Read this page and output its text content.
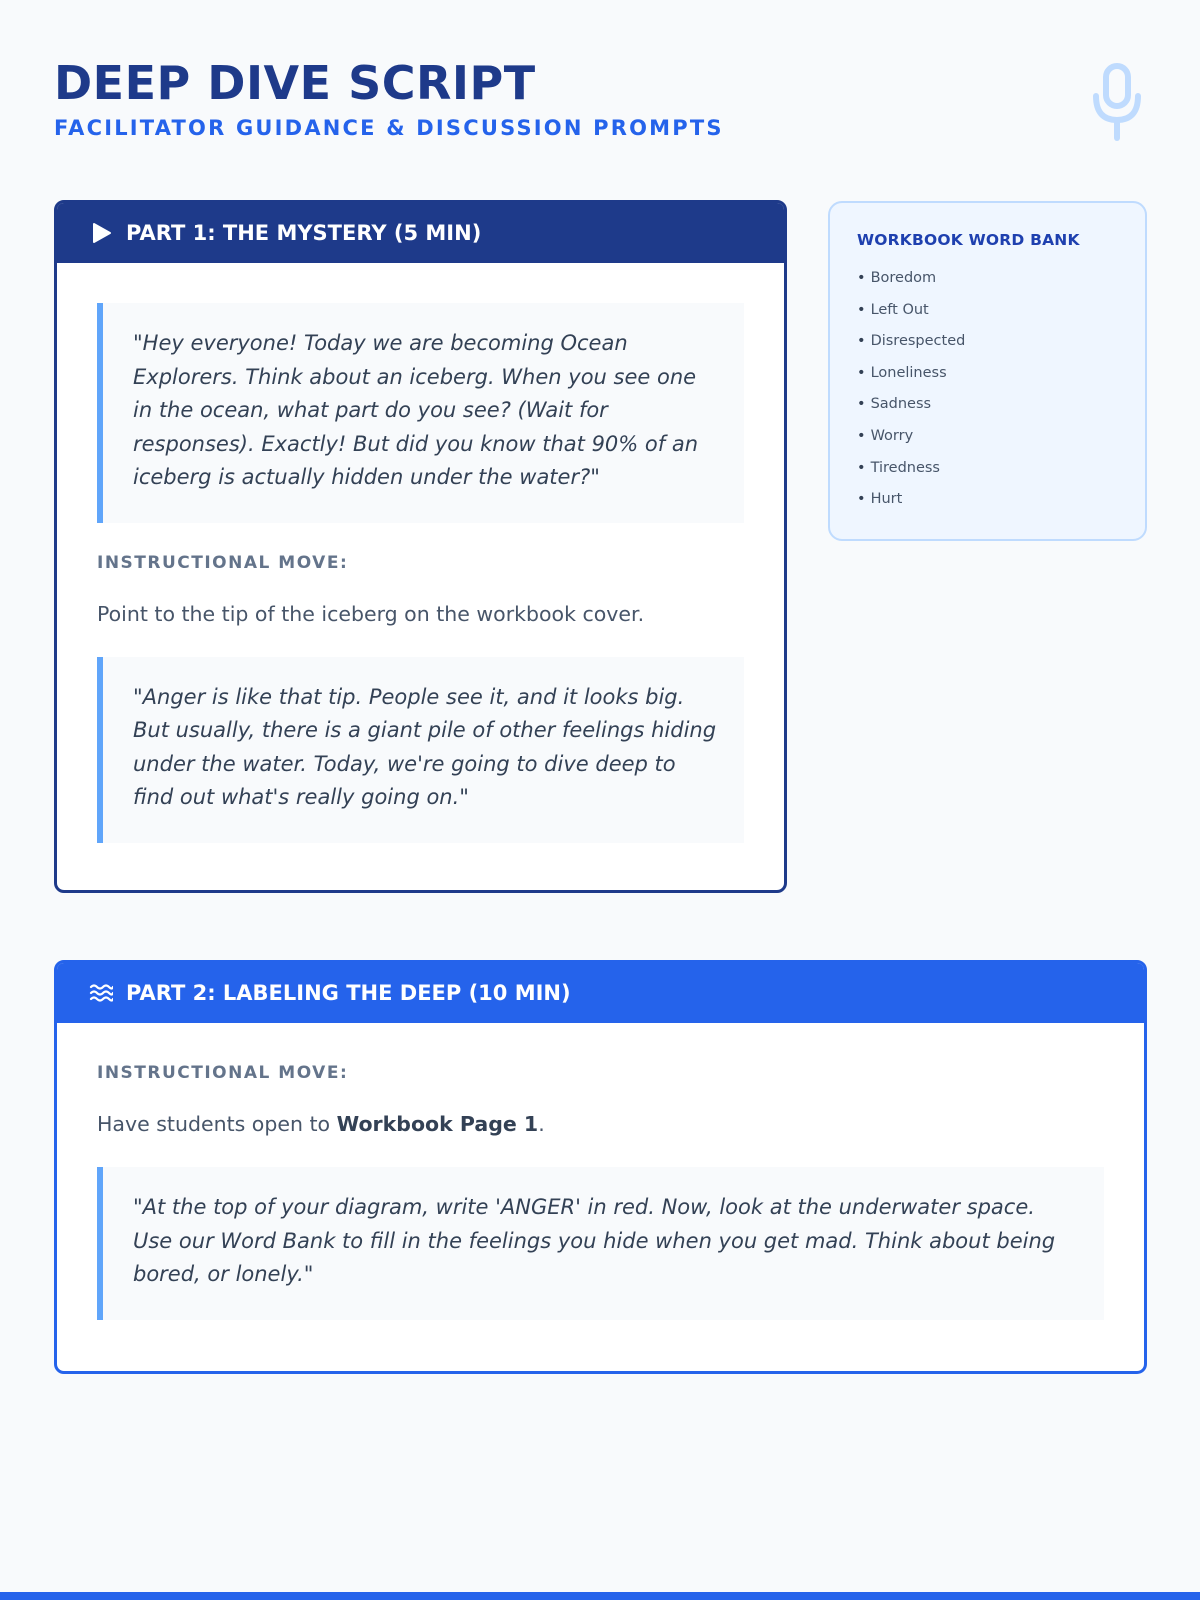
DEEP DIVE SCRIPT
FACILITATOR GUIDANCE & DISCUSSION PROMPTS
PART 1: THE MYSTERY (5 MIN)
"Hey everyone! Today we are becoming Ocean Explorers. Think about an iceberg. When you see one in the ocean, what part do you see? (Wait for responses). Exactly! But did you know that 90% of an iceberg is actually hidden under the water?"
INSTRUCTIONAL MOVE:
Point to the tip of the iceberg on the workbook cover.
"Anger is like that tip. People see it, and it looks big. But usually, there is a giant pile of other feelings hiding under the water. Today, we're going to dive deep to find out what's really going on."
WORKBOOK WORD BANK
• Boredom
• Left Out
• Disrespected
• Loneliness
• Sadness
• Worry
• Tiredness
• Hurt
PART 2: LABELING THE DEEP (10 MIN)
INSTRUCTIONAL MOVE:
Have students open to Workbook Page 1.
"At the top of your diagram, write 'ANGER' in red. Now, look at the underwater space. Use our Word Bank to fill in the feelings you hide when you get mad. Think about being bored, or lonely."
